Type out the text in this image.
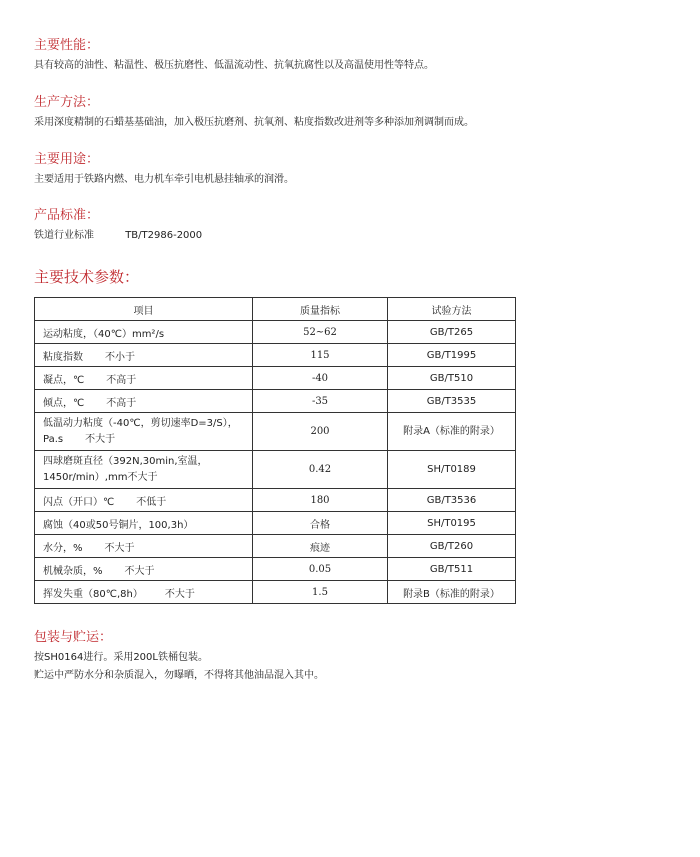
主要性能：
具有较高的油性、粘温性、极压抗磨性、低温流动性、抗氧抗腐性以及高温使用性等特点。
生产方法：
采用深度精制的石蜡基基础油，加入极压抗磨剂、抗氧剂、粘度指数改进剂等多种添加剂调制而成。
主要用途：
主要适用于铁路内燃、电力机车牵引电机悬挂轴承的润滑。
产品标准：
铁道行业标准	TB/T2986-2000
主要技术参数：
项目	质量指标	试验方法
运动粘度，（40℃）mm²/s	52~62	GB/T265
粘度指数 不小于	115	GB/T1995
凝点，℃ 不高于	-40	GB/T510
倾点，℃ 不高于	-35	GB/T3535
低温动力粘度（-40℃，剪切速率D=3/S），Pa.s 不大于	200	附录A（标准的附录）
四球磨斑直径（392N,30min,室温，1450r/min）,mm不大于	0.42	SH/T0189
闪点（开口）℃ 不低于	180	GB/T3536
腐蚀（40或50号铜片，100,3h）	合格	SH/T0195
水分，% 不大于	痕迹	GB/T260
机械杂质，% 不大于	0.05	GB/T511
挥发失重（80℃,8h） 不大于	1.5	附录B（标准的附录）
包装与贮运：
按SH0164进行。采用200L铁桶包装。
贮运中严防水分和杂质混入，勿曝晒，不得将其他油品混入其中。
